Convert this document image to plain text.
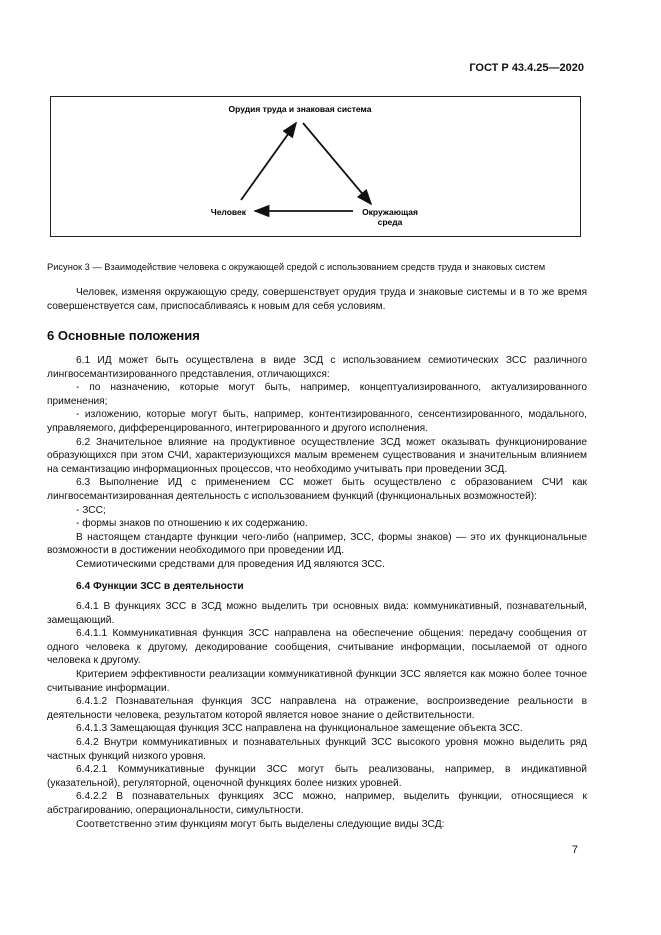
ГОСТ Р 43.4.25—2020
Орудия труда и знаковая система
Человек	Окружающая
среда
Рисунок 3 — Взаимодействие человека с окружающей средой с использованием средств труда и знаковых систем

Человек, изменяя окружающую среду, совершенствует орудия труда и знаковые системы и в то же время совершенствуется сам, приспосабливаясь к новым для себя условиям.

6 Основные положения

6.1 ИД может быть осуществлена в виде ЗСД с использованием семиотических ЗСС различного лингвосемантизированного представления, отличающихся:

- по назначению, которые могут быть, например, концептуализированного, актуализированного применения;

- изложению, которые могут быть, например, контентизированного, сенсентизированного, модального, управляемого, дифференцированного, интегрированного и другого исполнения.

6.2 Значительное влияние на продуктивное осуществление ЗСД может оказывать функционирование образующихся при этом СЧИ, характеризующихся малым временем существования и значительным влиянием на семантизацию информационных процессов, что необходимо учитывать при проведении ЗСД.

6.3 Выполнение ИД с применением СС может быть осуществлено с образованием СЧИ как лингвосемантизированная деятельность с использованием функций (функциональных возможностей):

- ЗСС;

- формы знаков по отношению к их содержанию.

В настоящем стандарте функции чего-либо (например, ЗСС, формы знаков) — это их функциональные возможности в достижении необходимого при проведении ИД.

Семиотическими средствами для проведения ИД являются ЗСС.

6.4 Функции ЗСС в деятельности

6.4.1 В функциях ЗСС в ЗСД можно выделить три основных вида: коммуникативный, познавательный, замещающий.

6.4.1.1 Коммуникативная функция ЗСС направлена на обеспечение общения: передачу сообщения от одного человека к другому, декодирование сообщения, считывание информации, посылаемой от одного человека к другому.

Критерием эффективности реализации коммуникативной функции ЗСС является как можно более точное считывание информации.

6.4.1.2 Познавательная функция ЗСС направлена на отражение, воспроизведение реальности в деятельности человека, результатом которой является новое знание о действительности.

6.4.1.3 Замещающая функция ЗСС направлена на функциональное замещение объекта ЗСС.

6.4.2 Внутри коммуникативных и познавательных функций ЗСС высокого уровня можно выделить ряд частных функций низкого уровня.

6.4.2.1 Коммуникативные функции ЗСС могут быть реализованы, например, в индикативной (указательной), регуляторной, оценочной функциях более низких уровней.

6.4.2.2 В познавательных функциях ЗСС можно, например, выделить функции, относящиеся к абстрагированию, операциональности, симультности.

Соответственно этим функциям могут быть выделены следующие виды ЗСД:

7
